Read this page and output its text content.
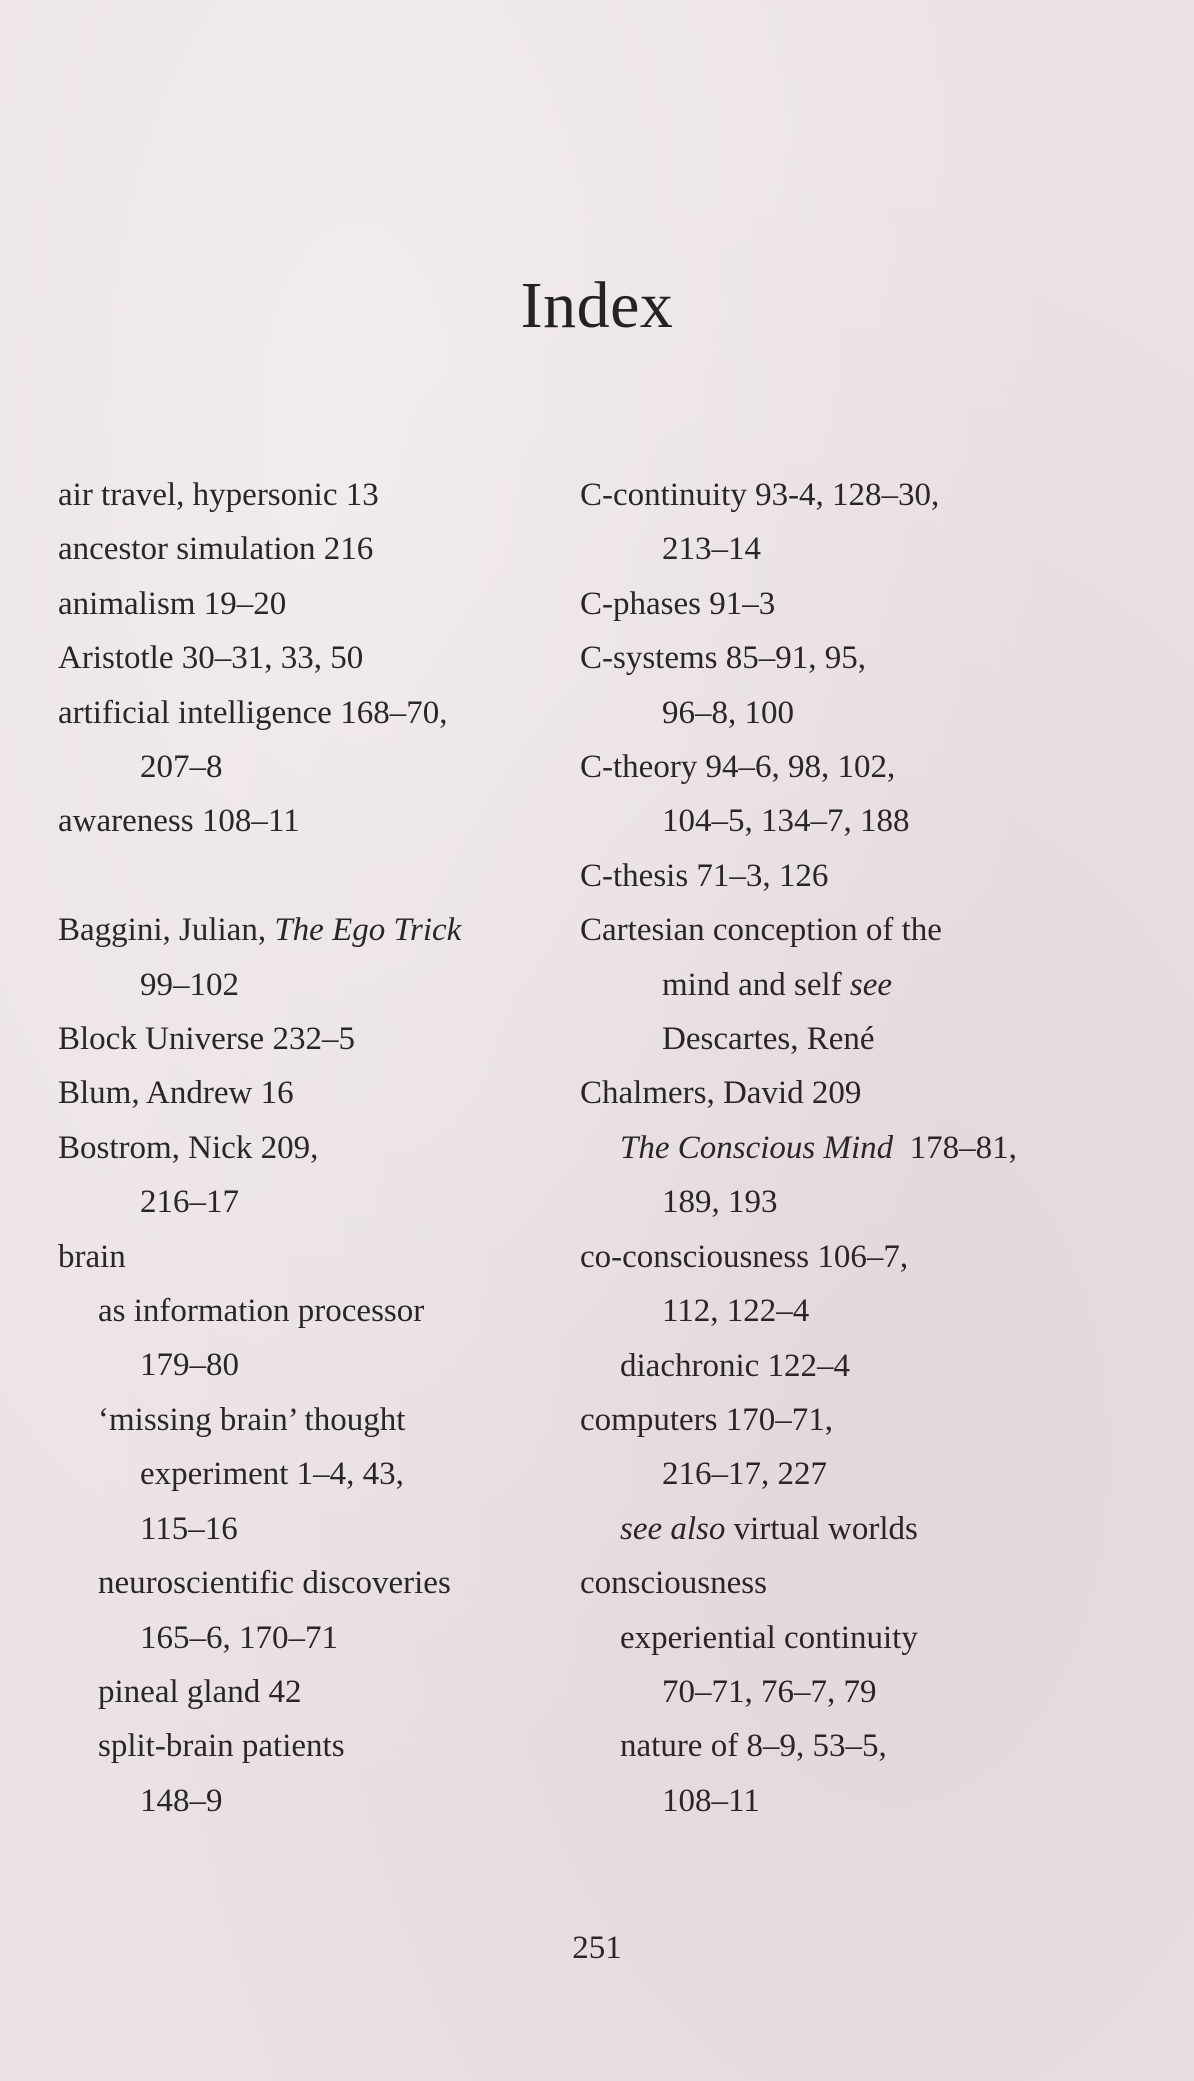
Index
air travel, hypersonic 13
ancestor simulation 216
animalism 19–20
Aristotle 30–31, 33, 50
artificial intelligence 168–70,
207–8
awareness 108–11
Baggini, Julian, The Ego Trick
99–102
Block Universe 232–5
Blum, Andrew 16
Bostrom, Nick 209,
216–17
brain
as information processor
179–80
‘missing brain’ thought
experiment 1–4, 43,
115–16
neuroscientific discoveries
165–6, 170–71
pineal gland 42
split-brain patients
148–9
C-continuity 93-4, 128–30,
213–14
C-phases 91–3
C-systems 85–91, 95,
96–8, 100
C-theory 94–6, 98, 102,
104–5, 134–7, 188
C-thesis 71–3, 126
Cartesian conception of the
mind and self see
Descartes, René
Chalmers, David 209
The Conscious Mind  178–81,
189, 193
co-consciousness 106–7,
112, 122–4
diachronic 122–4
computers 170–71,
216–17, 227
see also virtual worlds
consciousness
experiential continuity
70–71, 76–7, 79
nature of 8–9, 53–5,
108–11
251
